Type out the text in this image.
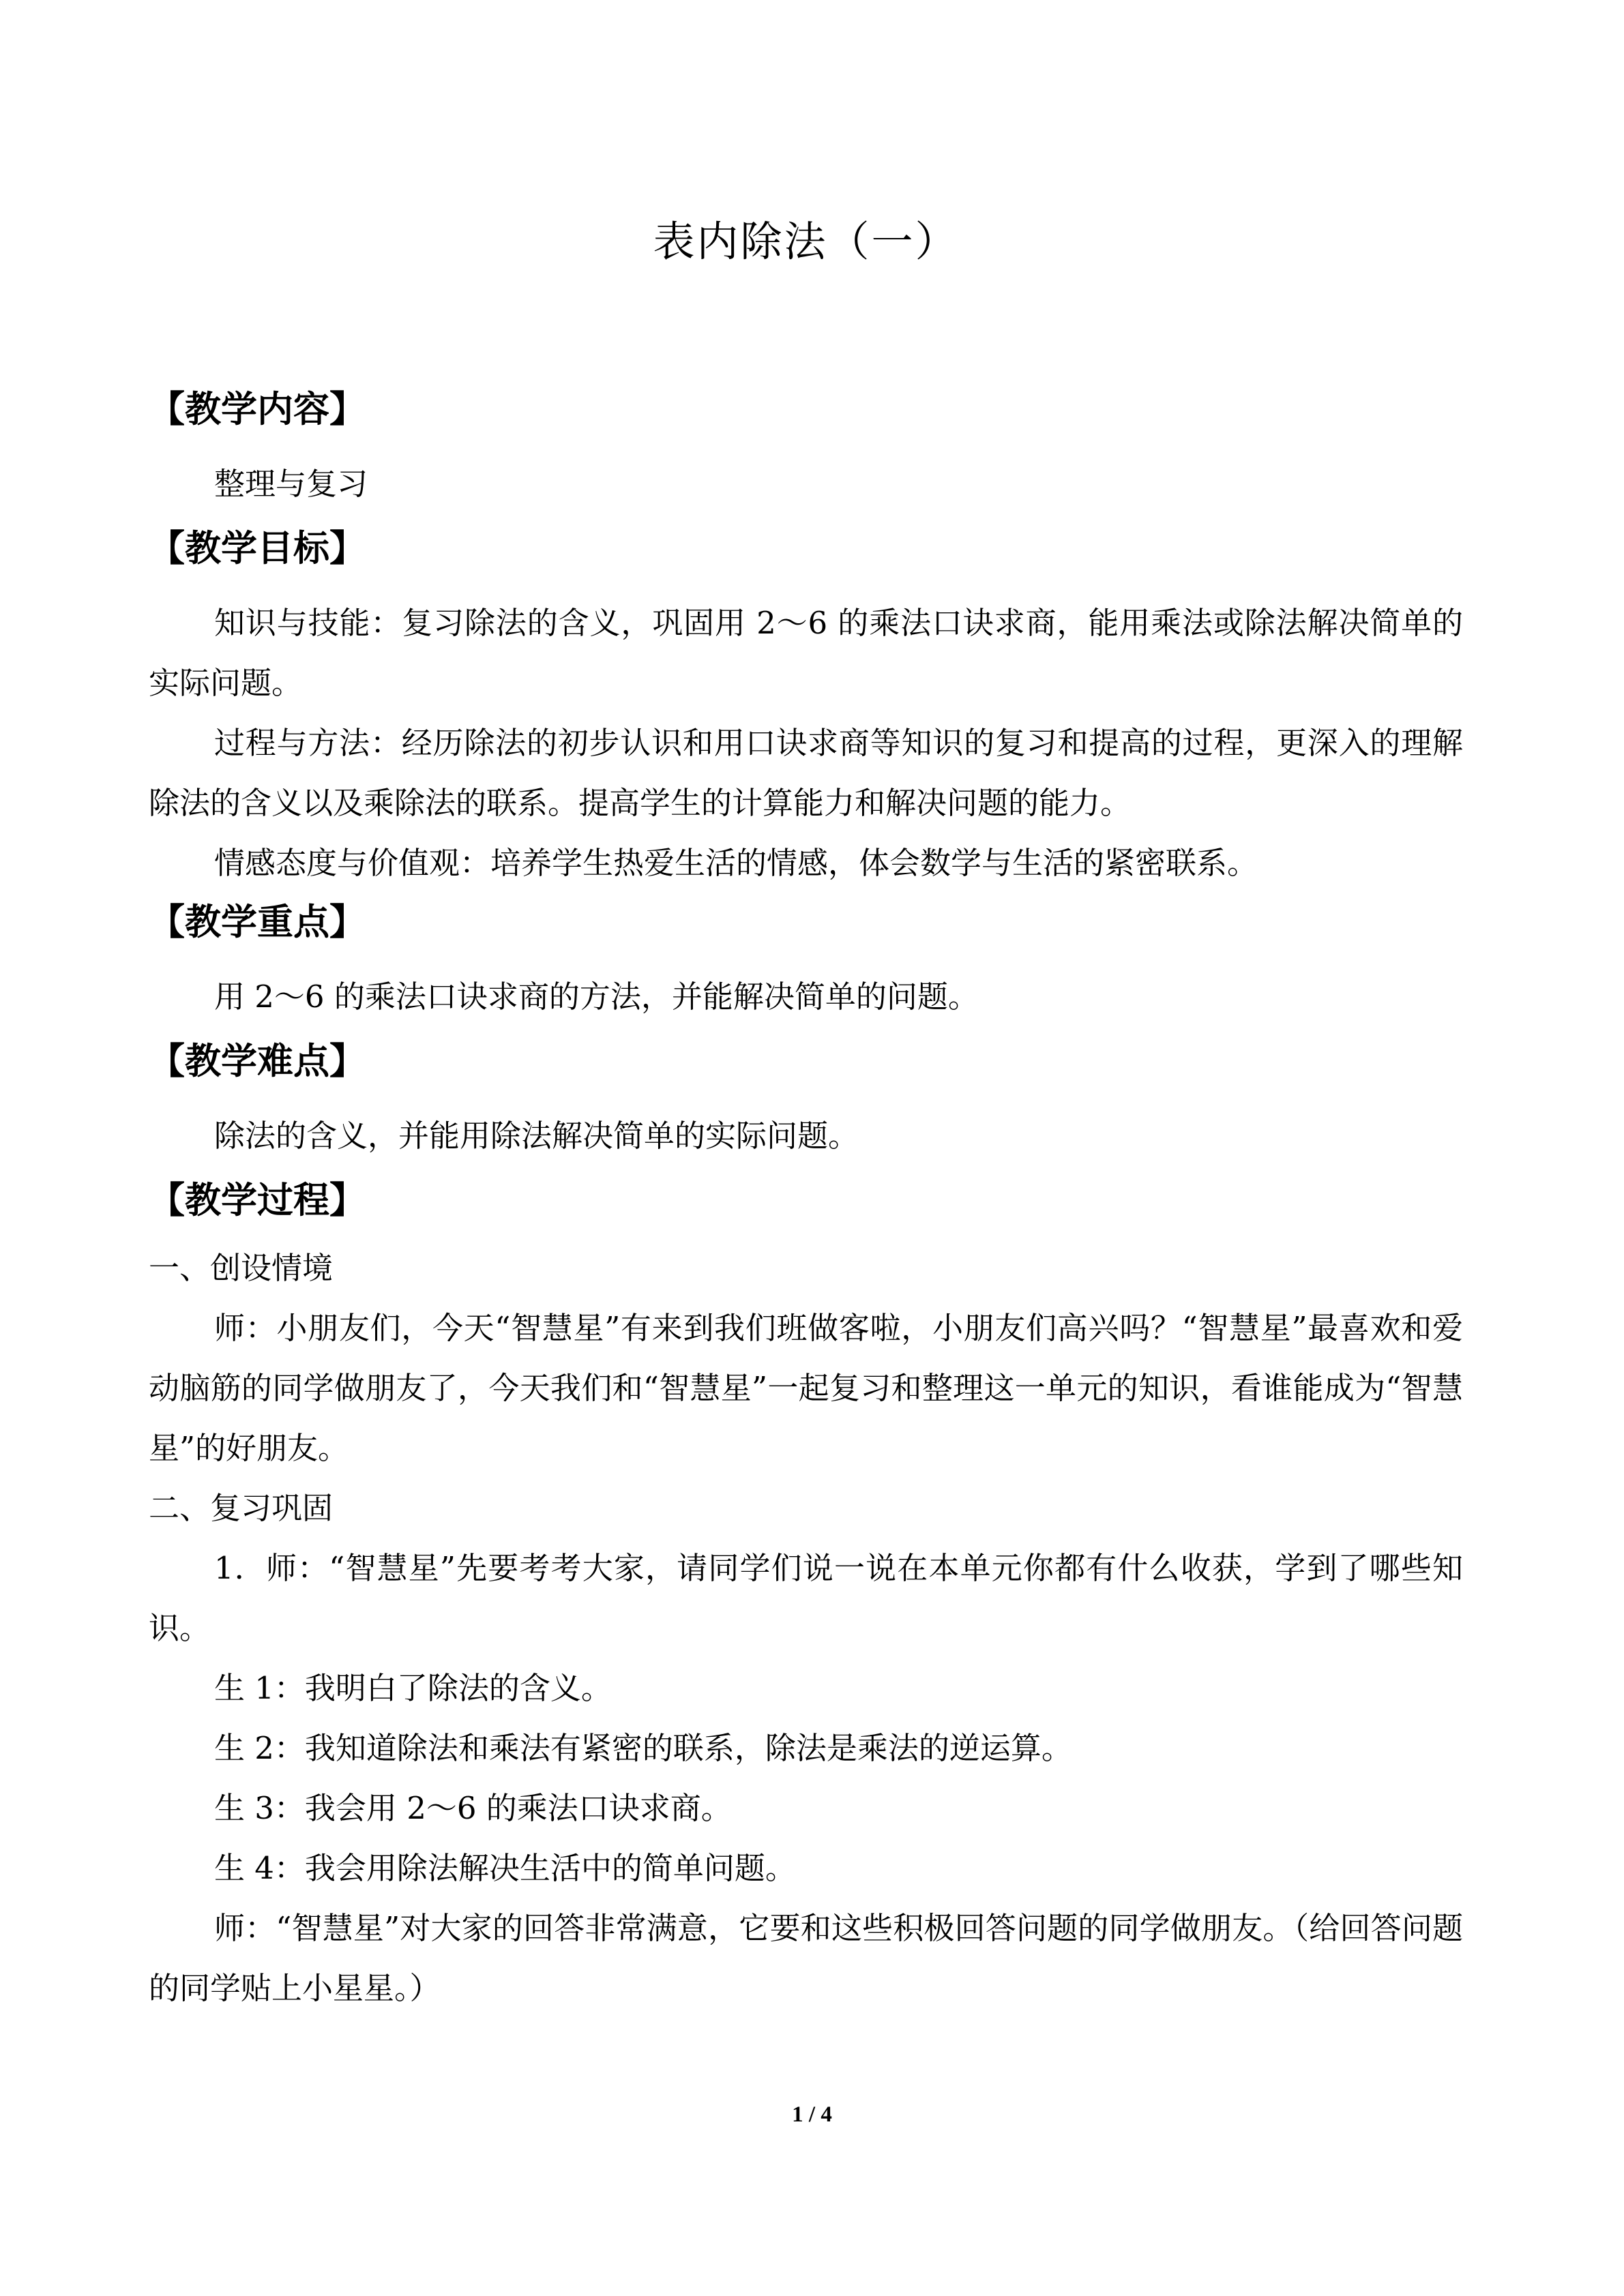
表内除法（一）
【教学内容】

整理与复习

【教学目标】

知识与技能：复习除法的含义，巩固用 2～6 的乘法口诀求商，能用乘法或除法解决简单的实际问题。

过程与方法：经历除法的初步认识和用口诀求商等知识的复习和提高的过程，更深入的理解除法的含义以及乘除法的联系。提高学生的计算能力和解决问题的能力。

情感态度与价值观：培养学生热爱生活的情感，体会数学与生活的紧密联系。

【教学重点】

用 2～6 的乘法口诀求商的方法，并能解决简单的问题。

【教学难点】

除法的含义，并能用除法解决简单的实际问题。

【教学过程】

一、创设情境

师：小朋友们，今天“智慧星”有来到我们班做客啦，小朋友们高兴吗？“智慧星”最喜欢和爱动脑筋的同学做朋友了，今天我们和“智慧星”一起复习和整理这一单元的知识，看谁能成为“智慧星”的好朋友。

二、复习巩固

1．师：“智慧星”先要考考大家，请同学们说一说在本单元你都有什么收获，学到了哪些知识。

生 1：我明白了除法的含义。

生 2：我知道除法和乘法有紧密的联系，除法是乘法的逆运算。

生 3：我会用 2～6 的乘法口诀求商。

生 4：我会用除法解决生活中的简单问题。

师：“智慧星”对大家的回答非常满意，它要和这些积极回答问题的同学做朋友。（给回答问题的同学贴上小星星。）

1 / 4
